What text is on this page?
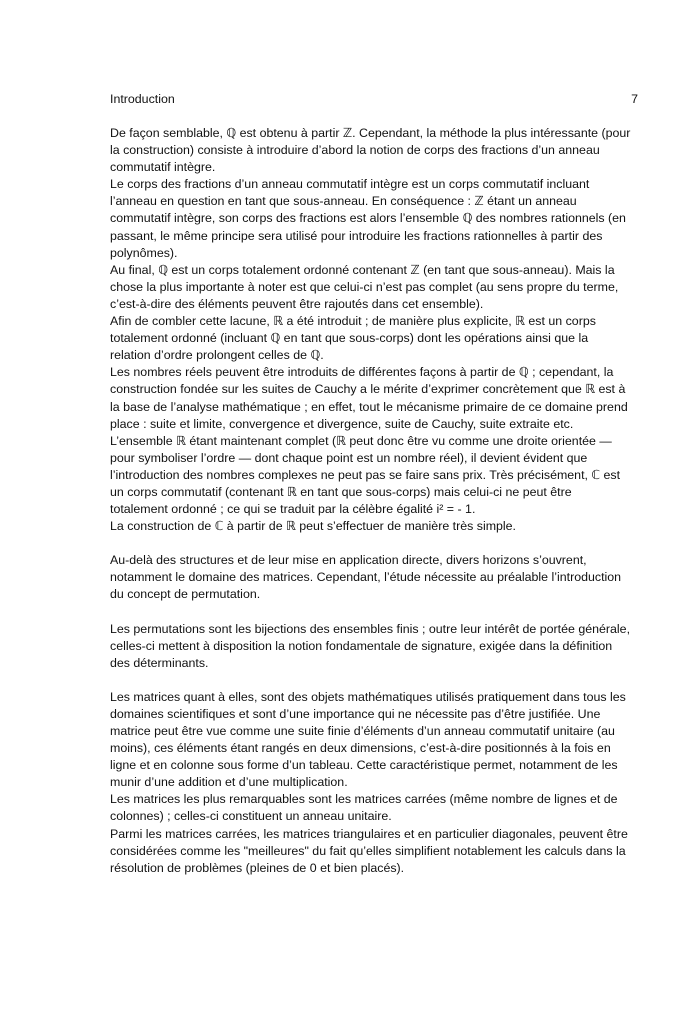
Introduction	7
De façon semblable, ℚ est obtenu à partir ℤ. Cependant, la méthode la plus intéressante (pour
la construction) consiste à introduire d’abord la notion de corps des fractions d’un anneau
commutatif intègre.
Le corps des fractions d’un anneau commutatif intègre est un corps commutatif incluant
l’anneau en question en tant que sous-anneau. En conséquence : ℤ étant un anneau
commutatif intègre, son corps des fractions est alors l’ensemble ℚ des nombres rationnels (en
passant, le même principe sera utilisé pour introduire les fractions rationnelles à partir des
polynômes).
Au final, ℚ est un corps totalement ordonné contenant ℤ (en tant que sous-anneau). Mais la
chose la plus importante à noter est que celui-ci n’est pas complet (au sens propre du terme,
c’est-à-dire des éléments peuvent être rajoutés dans cet ensemble).
Afin de combler cette lacune, ℝ a été introduit ; de manière plus explicite, ℝ est un corps
totalement ordonné (incluant ℚ en tant que sous-corps) dont les opérations ainsi que la
relation d’ordre prolongent celles de ℚ.
Les nombres réels peuvent être introduits de différentes façons à partir de ℚ ; cependant, la
construction fondée sur les suites de Cauchy a le mérite d’exprimer concrètement que ℝ est à
la base de l’analyse mathématique ; en effet, tout le mécanisme primaire de ce domaine prend
place : suite et limite, convergence et divergence, suite de Cauchy, suite extraite etc.
L’ensemble ℝ étant maintenant complet (ℝ peut donc être vu comme une droite orientée —
pour symboliser l’ordre — dont chaque point est un nombre réel), il devient évident que
l’introduction des nombres complexes ne peut pas se faire sans prix. Très précisément, ℂ est
un corps commutatif (contenant ℝ en tant que sous-corps) mais celui-ci ne peut être
totalement ordonné ; ce qui se traduit par la célèbre égalité i² = - 1.
La construction de ℂ à partir de ℝ peut s’effectuer de manière très simple.
Au-delà des structures et de leur mise en application directe, divers horizons s’ouvrent,
notamment le domaine des matrices. Cependant, l’étude nécessite au préalable l’introduction
du concept de permutation.
Les permutations sont les bijections des ensembles finis ; outre leur intérêt de portée générale,
celles-ci mettent à disposition la notion fondamentale de signature, exigée dans la définition
des déterminants.
Les matrices quant à elles, sont des objets mathématiques utilisés pratiquement dans tous les
domaines scientifiques et sont d’une importance qui ne nécessite pas d’être justifiée. Une
matrice peut être vue comme une suite finie d’éléments d’un anneau commutatif unitaire (au
moins), ces éléments étant rangés en deux dimensions, c’est-à-dire positionnés à la fois en
ligne et en colonne sous forme d’un tableau. Cette caractéristique permet, notamment de les
munir d’une addition et d’une multiplication.
Les matrices les plus remarquables sont les matrices carrées (même nombre de lignes et de
colonnes) ; celles-ci constituent un anneau unitaire.
Parmi les matrices carrées, les matrices triangulaires et en particulier diagonales, peuvent être
considérées comme les "meilleures" du fait qu’elles simplifient notablement les calculs dans la
résolution de problèmes (pleines de 0 et bien placés).
